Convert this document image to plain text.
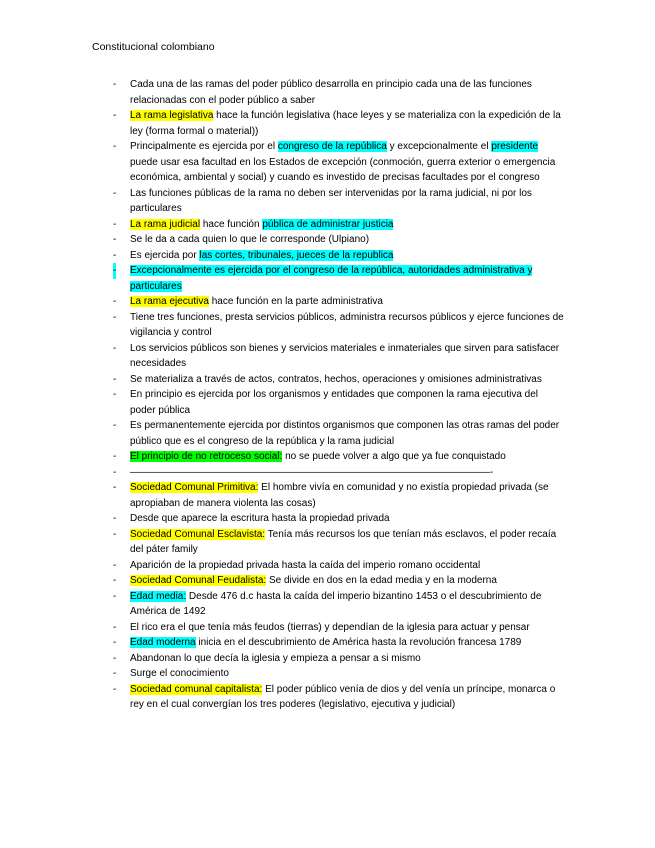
Constitucional colombiano
- Cada una de las ramas del poder público desarrolla en principio cada una de las funciones relacionadas con el poder público a saber
- La rama legislativa hace la función legislativa (hace leyes y se materializa con la expedición de la ley (forma formal o material))
- Principalmente es ejercida por el congreso de la república y excepcionalmente el presidente puede usar esa facultad en los Estados de excepción (conmoción, guerra exterior o emergencia económica, ambiental y social) y cuando es investido de precisas facultades por el congreso
- Las funciones públicas de la rama no deben ser intervenidas por la rama judicial, ni por los particulares
- La rama judicial hace función pública de administrar justicia
- Se le da a cada quien lo que le corresponde (Ulpiano)
- Es ejercida por las cortes, tribunales, jueces de la republica
- Excepcionalmente es ejercida por el congreso de la república, autoridades administrativa y particulares
- La rama ejecutiva hace función en la parte administrativa
- Tiene tres funciones, presta servicios públicos, administra recursos públicos y ejerce funciones de vigilancia y control
- Los servicios públicos son bienes y servicios materiales e inmateriales que sirven para satisfacer necesidades
- Se materializa a través de actos, contratos, hechos, operaciones y omisiones administrativas
- En principio es ejercida por los organismos y entidades que componen la rama ejecutiva del poder pública
- Es permanentemente ejercida por distintos organismos que componen las otras ramas del poder público que es el congreso de la república y la rama judicial
- El principio de no retroceso social: no se puede volver a algo que ya fue conquistado
- ————————————————————————————————————-
- Sociedad Comunal Primitiva: El hombre vivía en comunidad y no existía propiedad privada (se apropiaban de manera violenta las cosas)
- Desde que aparece la escritura hasta la propiedad privada
- Sociedad Comunal Esclavista: Tenía más recursos los que tenían más esclavos, el poder recaía del páter family
- Aparición de la propiedad privada hasta la caída del imperio romano occidental
- Sociedad Comunal Feudalista: Se divide en dos en la edad media y en la moderna
- Edad media: Desde 476 d.c hasta la caída del imperio bizantino 1453 o el descubrimiento de América de 1492
- El rico era el que tenía más feudos (tierras) y dependían de la iglesia para actuar y pensar
- Edad moderna inicia en el descubrimiento de América hasta la revolución francesa 1789
- Abandonan lo que decía la iglesia y empieza a pensar a si mismo
- Surge el conocimiento
- Sociedad comunal capitalista: El poder público venía de dios y del venía un príncipe, monarca o rey en el cual convergían los tres poderes (legislativo, ejecutiva y judicial)
